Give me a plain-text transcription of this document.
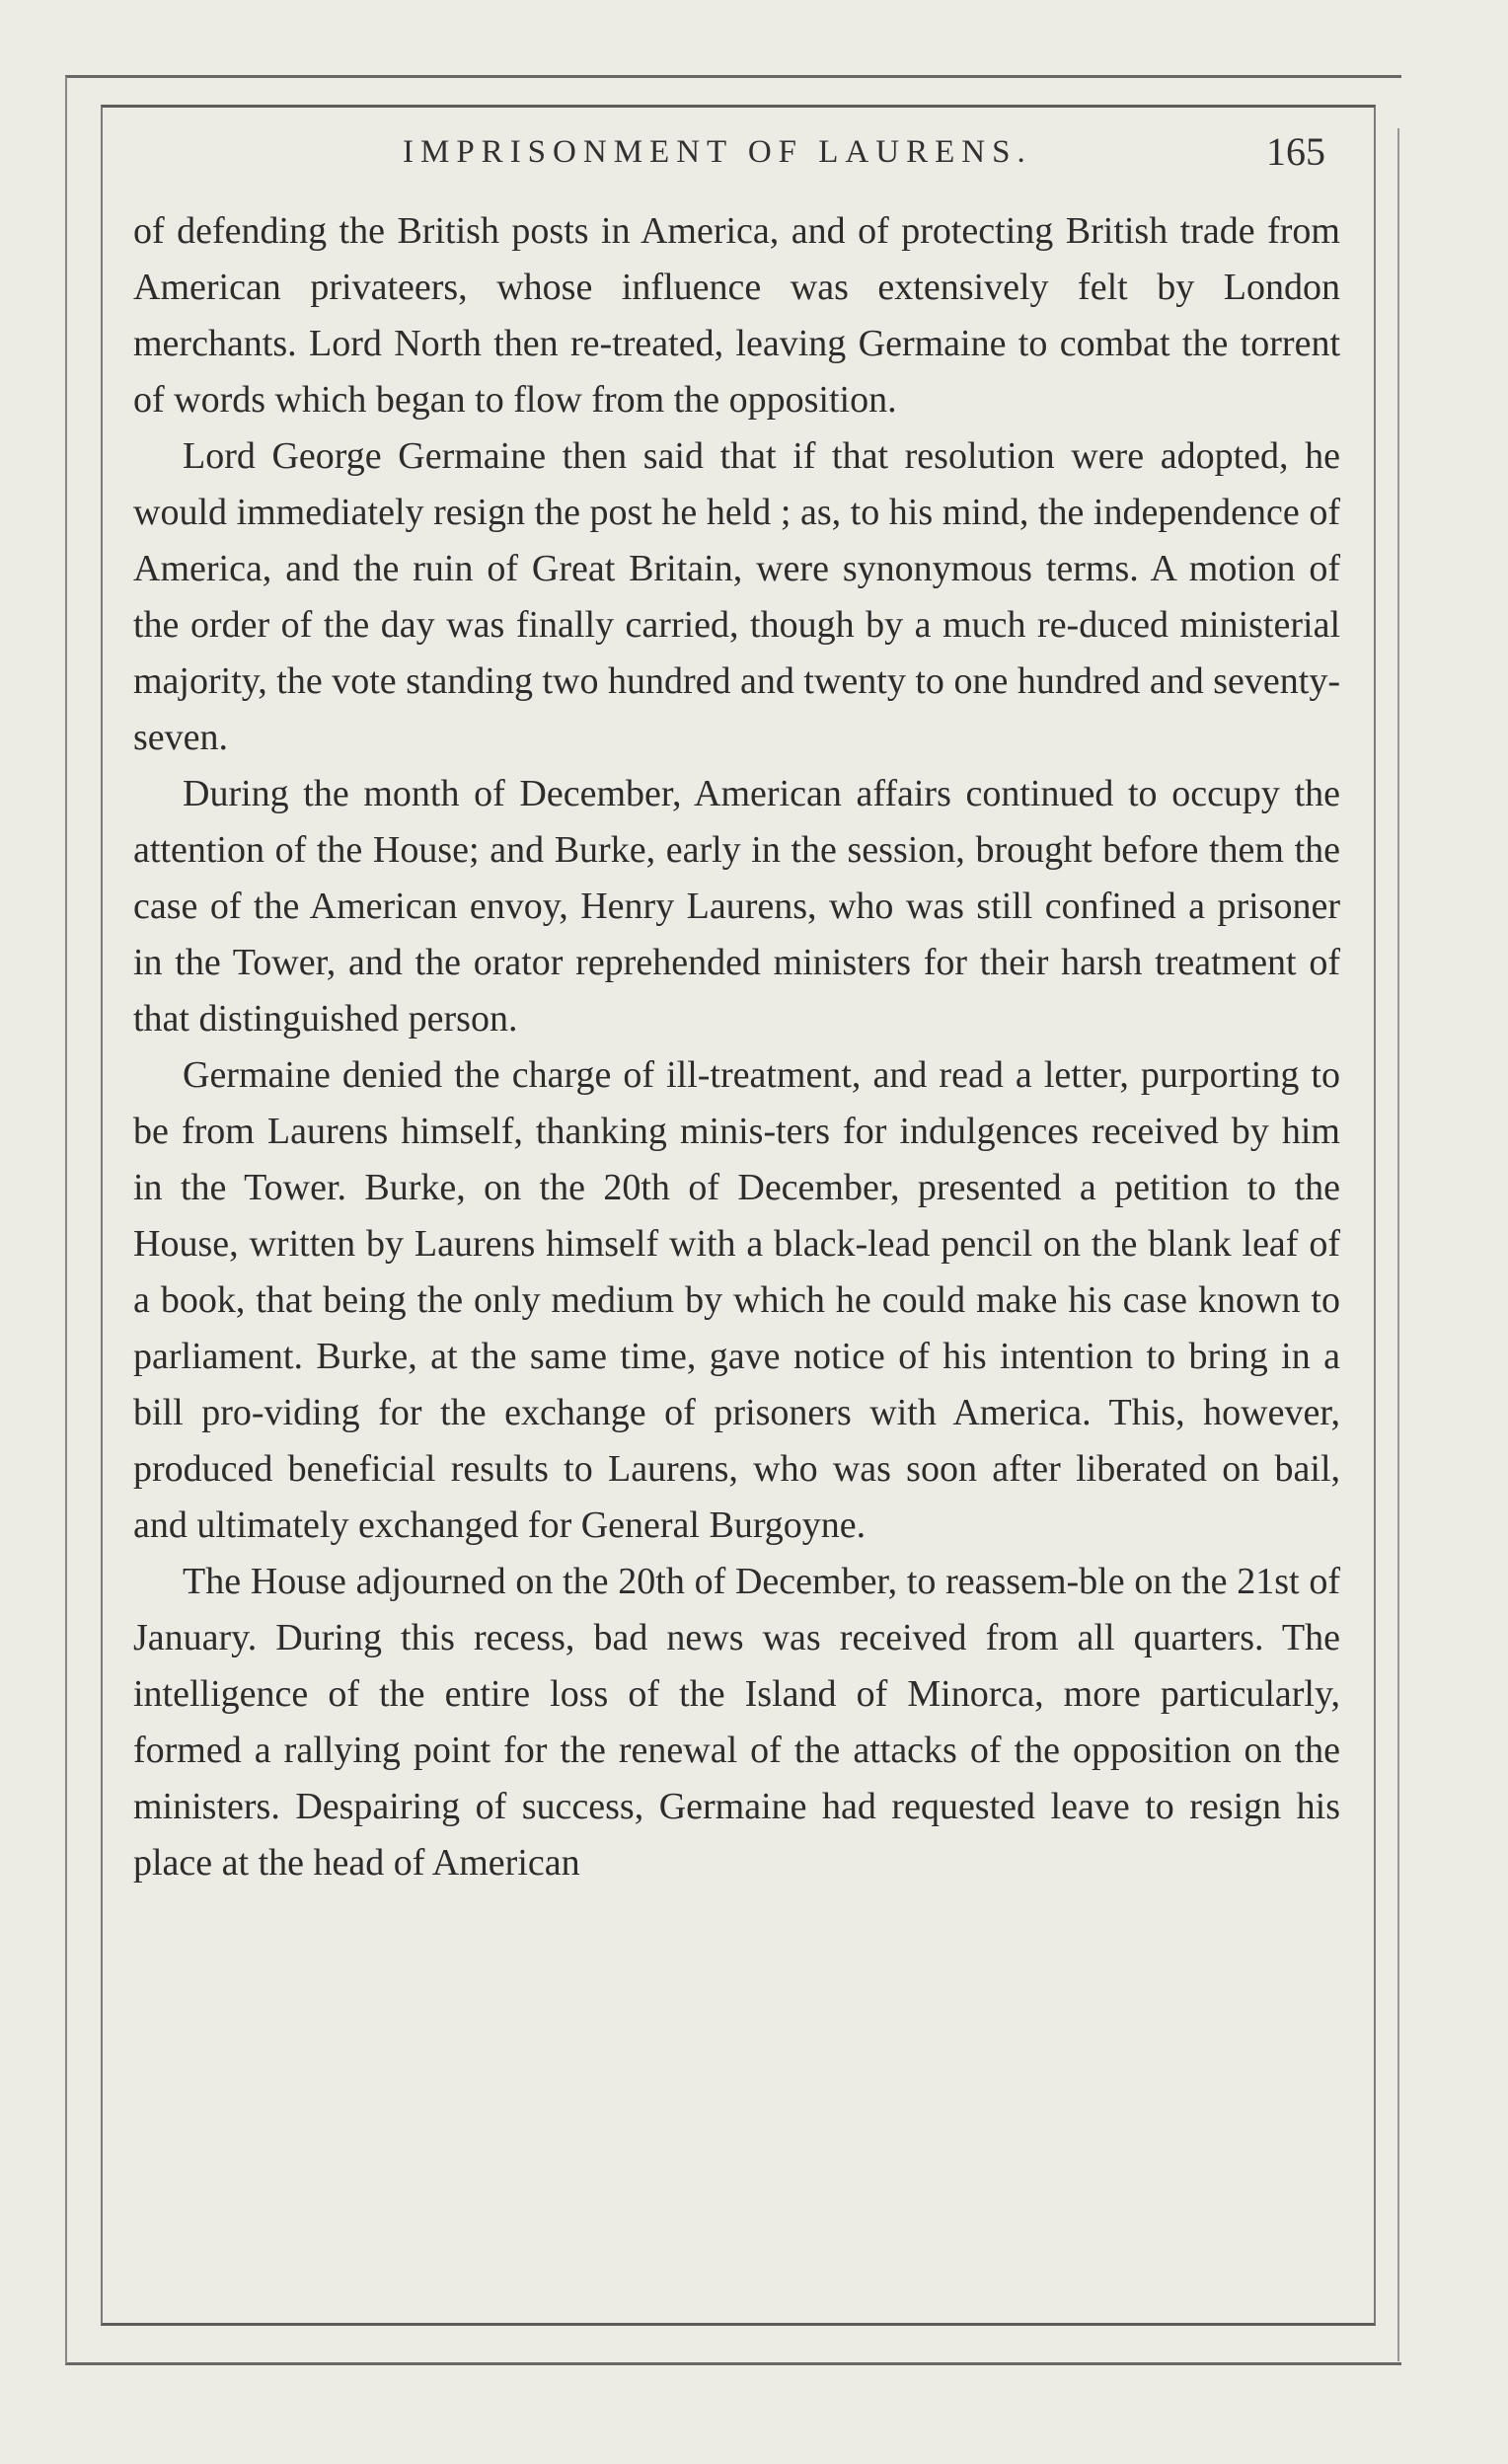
IMPRISONMENT OF LAURENS.	165

of defending the British posts in America, and of protecting British trade from American privateers, whose influence was extensively felt by London merchants. Lord North then re-treated, leaving Germaine to combat the torrent of words which began to flow from the opposition.

Lord George Germaine then said that if that resolution were adopted, he would immediately resign the post he held ; as, to his mind, the independence of America, and the ruin of Great Britain, were synonymous terms. A motion of the order of the day was finally carried, though by a much re-duced ministerial majority, the vote standing two hundred and twenty to one hundred and seventy-seven.

During the month of December, American affairs continued to occupy the attention of the House; and Burke, early in the session, brought before them the case of the American envoy, Henry Laurens, who was still confined a prisoner in the Tower, and the orator reprehended ministers for their harsh treatment of that distinguished person.

Germaine denied the charge of ill-treatment, and read a letter, purporting to be from Laurens himself, thanking minis-ters for indulgences received by him in the Tower. Burke, on the 20th of December, presented a petition to the House, written by Laurens himself with a black-lead pencil on the blank leaf of a book, that being the only medium by which he could make his case known to parliament. Burke, at the same time, gave notice of his intention to bring in a bill pro-viding for the exchange of prisoners with America. This, however, produced beneficial results to Laurens, who was soon after liberated on bail, and ultimately exchanged for General Burgoyne.

The House adjourned on the 20th of December, to reassem-ble on the 21st of January. During this recess, bad news was received from all quarters. The intelligence of the entire loss of the Island of Minorca, more particularly, formed a rallying point for the renewal of the attacks of the opposition on the ministers. Despairing of success, Germaine had requested leave to resign his place at the head of American
